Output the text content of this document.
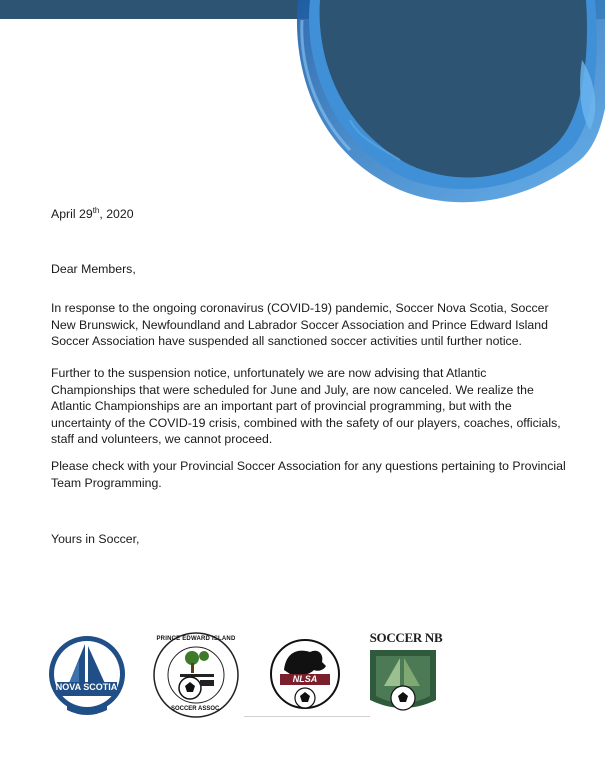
April 29th, 2020
Dear Members,

In response to the ongoing coronavirus (COVID-19) pandemic, Soccer Nova Scotia, Soccer New Brunswick, Newfoundland and Labrador Soccer Association and Prince Edward Island Soccer Association have suspended all sanctioned soccer activities until further notice.

Further to the suspension notice, unfortunately we are now advising that Atlantic Championships that were scheduled for June and July, are now canceled. We realize the Atlantic Championships are an important part of provincial programming, but with the uncertainty of the COVID-19 crisis, combined with the safety of our players, coaches, officials, staff and volunteers, we cannot proceed.

Please check with your Provincial Soccer Association for any questions pertaining to Provincial Team Programming.

Yours in Soccer,
NOVA SCOTIA
PRINCE EDWARD ISLAND
SOCCER ASSOC.
NLSA
SOCCER NB
